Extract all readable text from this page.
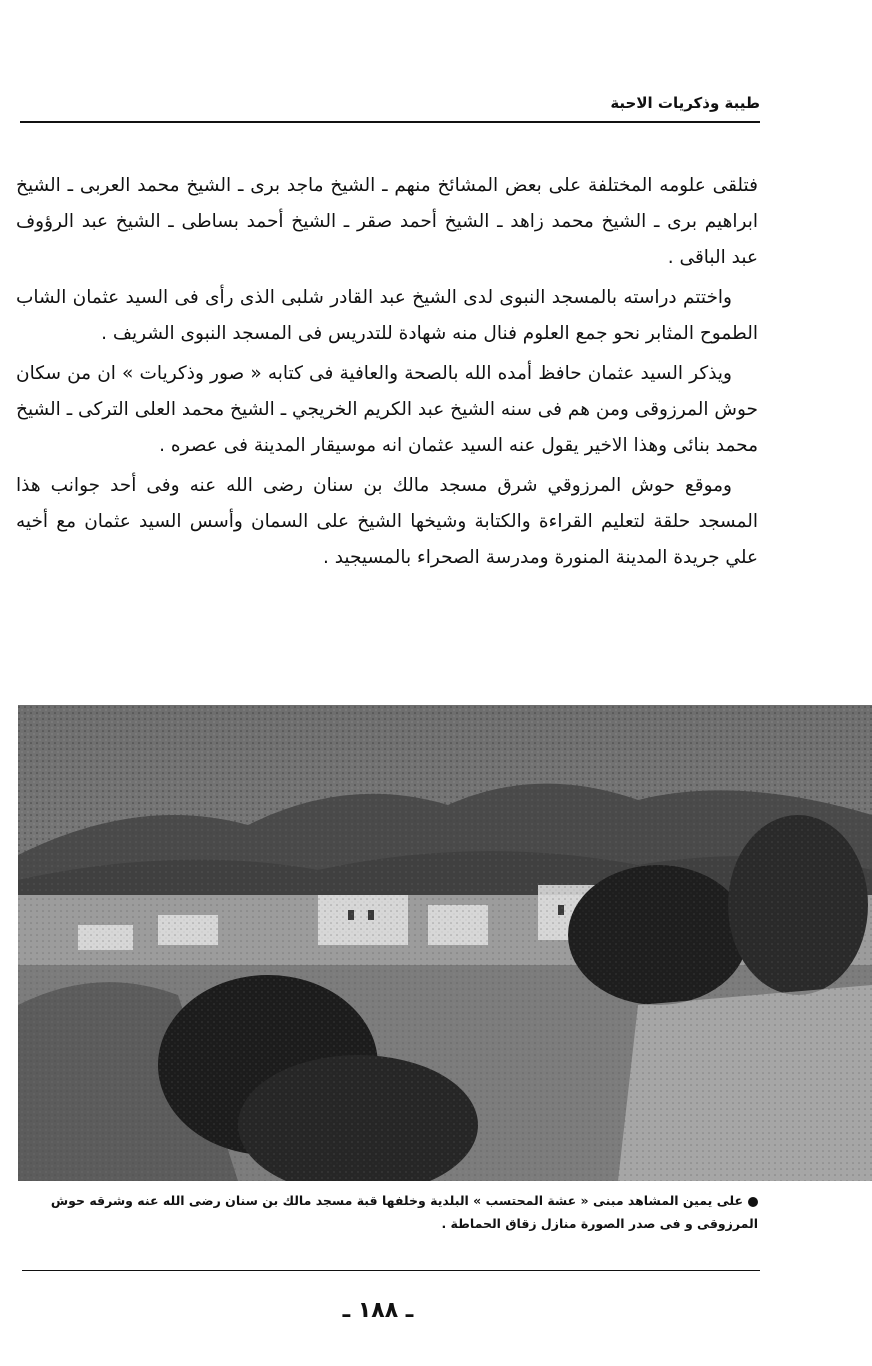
طيبة وذكريات الاحبة

فتلقى علومه المختلفة على بعض المشائخ منهم ـ الشيخ ماجد برى ـ الشيخ محمد العربى ـ الشيخ ابراهيم برى ـ الشيخ محمد زاهد ـ الشيخ أحمد صقر ـ الشيخ أحمد بساطى ـ الشيخ عبد الرؤوف عبد الباقى .

واختتم دراسته بالمسجد النبوى لدى الشيخ عبد القادر شلبى الذى رأى فى السيد عثمان الشاب الطموح المثابر نحو جمع العلوم فنال منه شهادة للتدريس فى المسجد النبوى الشريف .

ويذكر السيد عثمان حافظ أمده الله بالصحة والعافية فى كتابه « صور وذكريات » ان من سكان حوش المرزوقى ومن هم فى سنه الشيخ عبد الكريم الخريجي ـ الشيخ محمد العلى التركى ـ الشيخ محمد بنائى وهذا الاخير يقول عنه السيد عثمان انه موسيقار المدينة فى عصره .

وموقع حوش المرزوقي شرق مسجد مالك بن سنان رضى الله عنه وفى أحد جوانب هذا المسجد حلقة لتعليم القراءة والكتابة وشيخها الشيخ على السمان وأسس السيد عثمان مع أخيه علي جريدة المدينة المنورة ومدرسة الصحراء بالمسيجيد .

على يمين المشاهد مبنى « عشة المحتسب » البلدية وخلفها قبة مسجد مالك بن سنان رضى الله عنه وشرقه حوش المرزوقى و فى صدر الصورة منازل زقاق الحماطة .
ـ ١٨٨ ـ
